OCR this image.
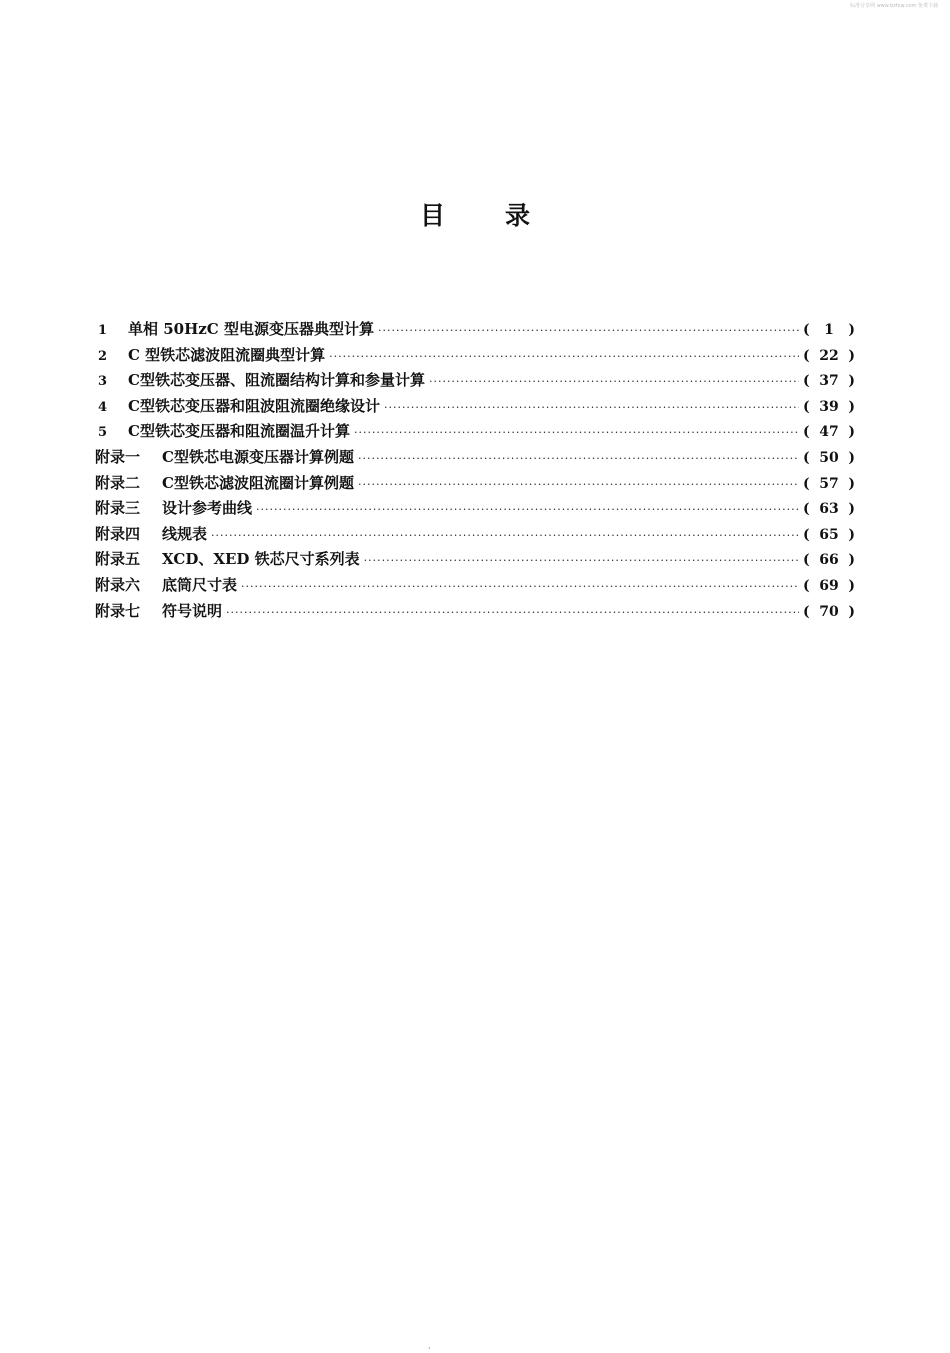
标准分享网 www.bzfxw.com 免费下载
目录
1	单相 50HzC 型电源变压器典型计算 ·····	(	1	)
2	C 型铁芯滤波阻流圈典型计算 ·····	( 22 )
3	C型铁芯变压器、阻流圈结构计算和参量计算 ·····	( 37 )
4	C型铁芯变压器和阻波阻流圈绝缘设计 ·····	( 39 )
5	C型铁芯变压器和阻流圈温升计算 ·····	( 47 )
附录一	C型铁芯电源变压器计算例题 ·····	( 50 )
附录二	C型铁芯滤波阻流圈计算例题 ·····	( 57 )
附录三	设计参考曲线 ·····	( 63 )
附录四	线规表 ·····	( 65 )
附录五	XCD、XED 铁芯尺寸系列表 ·····	( 66 )
附录六	底筒尺寸表 ·····	( 69 )
附录七	符号说明 ·····	( 70 )
·
